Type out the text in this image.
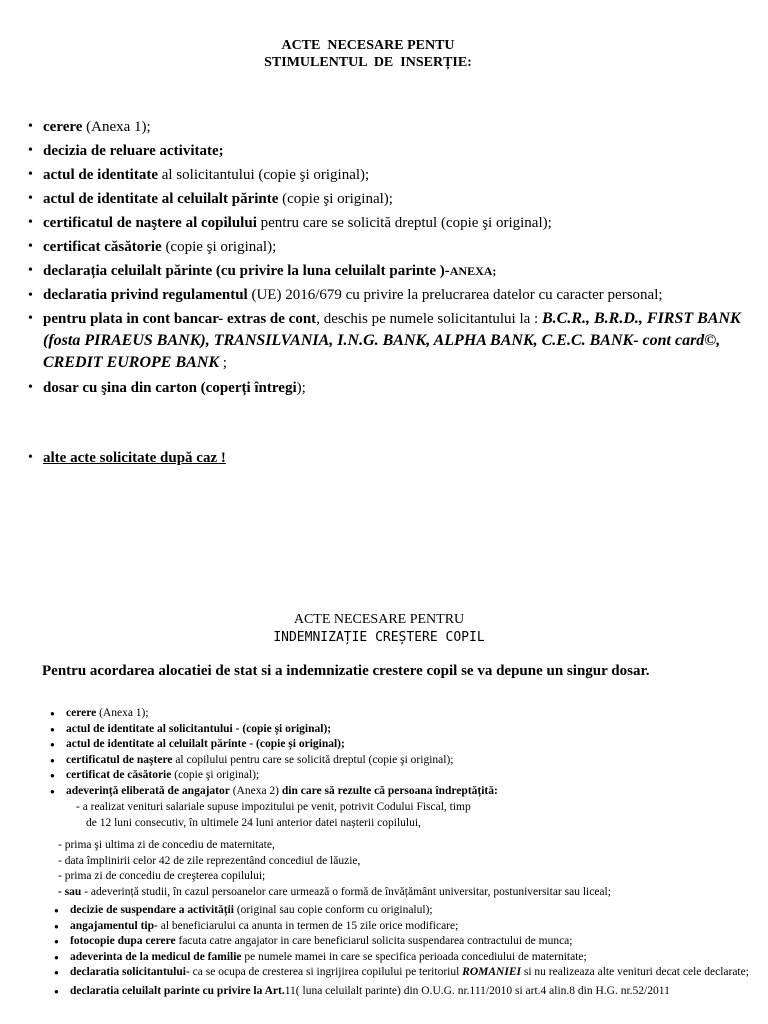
ACTE  NECESARE PENTU
STIMULENTUL  DE  INSERȚIE:
• cerere (Anexa 1);
• decizia de reluare activitate;
• actul de identitate al solicitantului (copie şi original);
• actul de identitate al celuilalt părinte (copie şi original);
• certificatul de naştere al copilului pentru care se solicită dreptul (copie şi original);
• certificat căsătorie (copie şi original);
• declarația celuilalt părinte (cu privire la luna celuilalt parinte )-ANEXA;
• declaratia privind regulamentul (UE) 2016/679 cu privire la prelucrarea datelor cu caracter personal;
• pentru plata in cont bancar- extras de cont, deschis pe numele solicitantului la : B.C.R., B.R.D., FIRST BANK (fosta PIRAEUS BANK), TRANSILVANIA, I.N.G. BANK, ALPHA BANK, C.E.C. BANK- cont card©, CREDIT EUROPE BANK ;
• dosar cu şina din carton (coperți întregi);
• alte acte solicitate după caz !
ACTE NECESARE PENTRU
INDEMNIZAȚIE CREȘTERE COPIL
Pentru acordarea alocatiei de stat si a indemnizatie crestere copil se va depune un singur dosar.
● cerere (Anexa 1);
● actul de identitate al solicitantului - (copie și original);
● actul de identitate al celuilalt părinte - (copie și original);
● certificatul de naştere al copilului pentru care se solicită dreptul (copie şi original);
● certificat de căsătorie (copie şi original);
● adeverință eliberată de angajator (Anexa 2) din care să rezulte că persoana îndreptățită:
- a realizat venituri salariale supuse impozitului pe venit, potrivit Codului Fiscal, timp
de 12 luni consecutiv, în ultimele 24 luni anterior datei nașterii copilului,
- prima şi ultima zi de concediu de maternitate,
- data împlinirii celor 42 de zile reprezentând concediul de lăuzie,
- prima zi de concediu de creşterea copilului;
- sau - adeverință studii, în cazul persoanelor care urmează o formă de învățământ universitar, postuniversitar sau liceal;
● decizie de suspendare a activității (original sau copie conform cu originalul);
● angajamentul tip- al beneficiarului ca anunta in termen de 15 zile orice modificare;
● fotocopie dupa cerere facuta catre angajator in care beneficiarul solicita suspendarea contractului de munca;
● adeverinta de la medicul de familie pe numele mamei in care se specifica perioada concediului de maternitate;
● declaratia solicitantului- ca se ocupa de cresterea si ingrijirea copilului pe teritoriul ROMANIEI si nu realizeaza alte venituri decat cele declarate;
● declaratia celuilalt parinte cu privire la Art.11( luna celuilalt parinte) din O.U.G. nr.111/2010 si art.4 alin.8 din H.G. nr.52/2011
